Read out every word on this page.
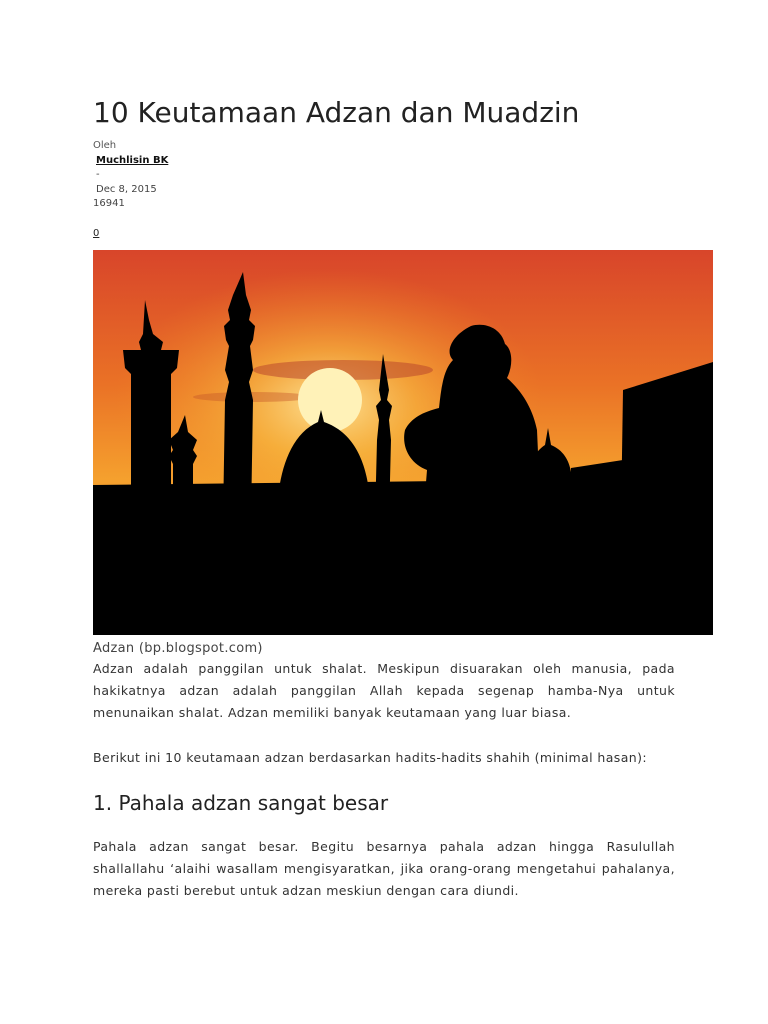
10 Keutamaan Adzan dan Muadzin
Oleh
Muchlisin BK
-
Dec 8, 2015
16941
0
Adzan (bp.blogspot.com)

Adzan adalah panggilan untuk shalat. Meskipun disuarakan oleh manusia, pada hakikatnya adzan adalah panggilan Allah kepada segenap hamba-Nya untuk menunaikan shalat. Adzan memiliki banyak keutamaan yang luar biasa.

Berikut ini 10 keutamaan adzan berdasarkan hadits-hadits shahih (minimal hasan):

1. Pahala adzan sangat besar

Pahala adzan sangat besar. Begitu besarnya pahala adzan hingga Rasulullah shallallahu ‘alaihi wasallam mengisyaratkan, jika orang-orang mengetahui pahalanya, mereka pasti berebut untuk adzan meskiun dengan cara diundi.
